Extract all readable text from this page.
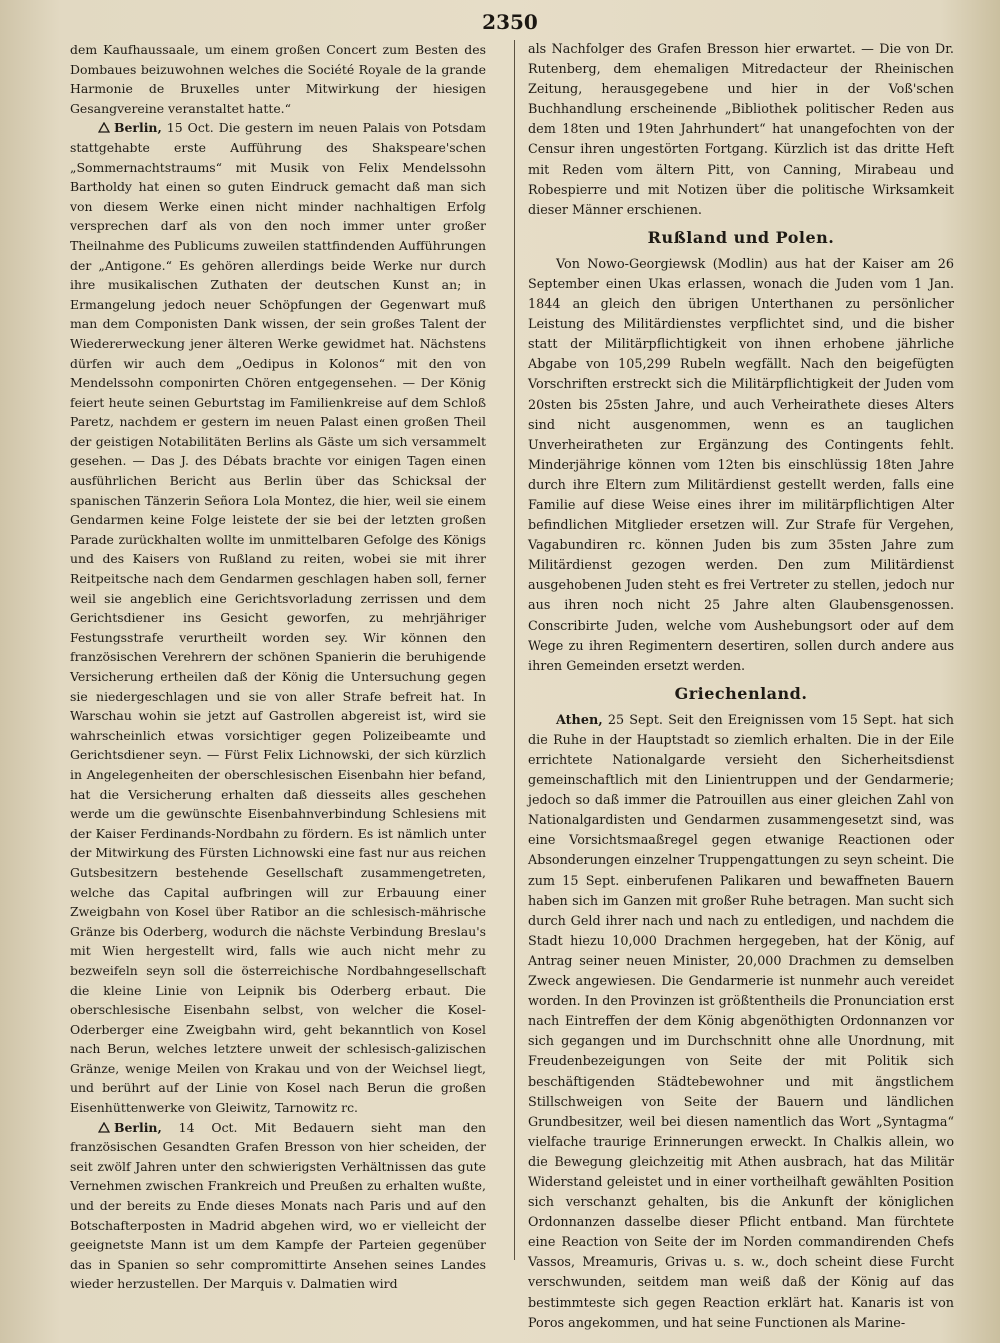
2350

dem Kaufhaussaale, um einem großen Concert zum Besten des Dombaues beizuwohnen welches die Société Royale de la grande Harmonie de Bruxelles unter Mitwirkung der hiesigen Gesangvereine veranstaltet hatte.“

Berlin, 15 Oct. Die gestern im neuen Palais von Potsdam stattgehabte erste Aufführung des Shakspeare'schen „Sommernachtstraums“ mit Musik von Felix Mendelssohn Bartholdy hat einen so guten Eindruck gemacht daß man sich von diesem Werke einen nicht minder nachhaltigen Erfolg versprechen darf als von den noch immer unter großer Theilnahme des Publicums zuweilen stattfindenden Aufführungen der „Antigone.“ Es gehören allerdings beide Werke nur durch ihre musikalischen Zuthaten der deutschen Kunst an; in Ermangelung jedoch neuer Schöpfungen der Gegenwart muß man dem Componisten Dank wissen, der sein großes Talent der Wiedererweckung jener älteren Werke gewidmet hat. Nächstens dürfen wir auch dem „Oedipus in Kolonos“ mit den von Mendelssohn componirten Chören entgegensehen. — Der König feiert heute seinen Geburtstag im Familienkreise auf dem Schloß Paretz, nachdem er gestern im neuen Palast einen großen Theil der geistigen Notabilitäten Berlins als Gäste um sich versammelt gesehen. — Das J. des Débats brachte vor einigen Tagen einen ausführlichen Bericht aus Berlin über das Schicksal der spanischen Tänzerin Señora Lola Montez, die hier, weil sie einem Gendarmen keine Folge leistete der sie bei der letzten großen Parade zurückhalten wollte im unmittelbaren Gefolge des Königs und des Kaisers von Rußland zu reiten, wobei sie mit ihrer Reitpeitsche nach dem Gendarmen geschlagen haben soll, ferner weil sie angeblich eine Gerichtsvorladung zerrissen und dem Gerichtsdiener ins Gesicht geworfen, zu mehrjähriger Festungsstrafe verurtheilt worden sey. Wir können den französischen Verehrern der schönen Spanierin die beruhigende Versicherung ertheilen daß der König die Untersuchung gegen sie niedergeschlagen und sie von aller Strafe befreit hat. In Warschau wohin sie jetzt auf Gastrollen abgereist ist, wird sie wahrscheinlich etwas vorsichtiger gegen Polizeibeamte und Gerichtsdiener seyn. — Fürst Felix Lichnowski, der sich kürzlich in Angelegenheiten der oberschlesischen Eisenbahn hier befand, hat die Versicherung erhalten daß diesseits alles geschehen werde um die gewünschte Eisenbahnverbindung Schlesiens mit der Kaiser Ferdinands-Nordbahn zu fördern. Es ist nämlich unter der Mitwirkung des Fürsten Lichnowski eine fast nur aus reichen Gutsbesitzern bestehende Gesellschaft zusammengetreten, welche das Capital aufbringen will zur Erbauung einer Zweigbahn von Kosel über Ratibor an die schlesisch-mährische Gränze bis Oderberg, wodurch die nächste Verbindung Breslau's mit Wien hergestellt wird, falls wie auch nicht mehr zu bezweifeln seyn soll die österreichische Nordbahngesellschaft die kleine Linie von Leipnik bis Oderberg erbaut. Die oberschlesische Eisenbahn selbst, von welcher die Kosel-Oderberger eine Zweigbahn wird, geht bekanntlich von Kosel nach Berun, welches letztere unweit der schlesisch-galizischen Gränze, wenige Meilen von Krakau und von der Weichsel liegt, und berührt auf der Linie von Kosel nach Berun die großen Eisenhüttenwerke von Gleiwitz, Tarnowitz rc.

Berlin, 14 Oct. Mit Bedauern sieht man den französischen Gesandten Grafen Bresson von hier scheiden, der seit zwölf Jahren unter den schwierigsten Verhältnissen das gute Vernehmen zwischen Frankreich und Preußen zu erhalten wußte, und der bereits zu Ende dieses Monats nach Paris und auf den Botschafterposten in Madrid abgehen wird, wo er vielleicht der geeignetste Mann ist um dem Kampfe der Parteien gegenüber das in Spanien so sehr compromittirte Ansehen seines Landes wieder herzustellen. Der Marquis v. Dalmatien wird

als Nachfolger des Grafen Bresson hier erwartet. — Die von Dr. Rutenberg, dem ehemaligen Mitredacteur der Rheinischen Zeitung, herausgegebene und hier in der Voß'schen Buchhandlung erscheinende „Bibliothek politischer Reden aus dem 18ten und 19ten Jahrhundert“ hat unangefochten von der Censur ihren ungestörten Fortgang. Kürzlich ist das dritte Heft mit Reden vom ältern Pitt, von Canning, Mirabeau und Robespierre und mit Notizen über die politische Wirksamkeit dieser Männer erschienen.

Rußland und Polen.

Von Nowo-Georgiewsk (Modlin) aus hat der Kaiser am 26 September einen Ukas erlassen, wonach die Juden vom 1 Jan. 1844 an gleich den übrigen Unterthanen zu persönlicher Leistung des Militärdienstes verpflichtet sind, und die bisher statt der Militärpflichtigkeit von ihnen erhobene jährliche Abgabe von 105,299 Rubeln wegfällt. Nach den beigefügten Vorschriften erstreckt sich die Militärpflichtigkeit der Juden vom 20sten bis 25sten Jahre, und auch Verheirathete dieses Alters sind nicht ausgenommen, wenn es an tauglichen Unverheiratheten zur Ergänzung des Contingents fehlt. Minderjährige können vom 12ten bis einschlüssig 18ten Jahre durch ihre Eltern zum Militärdienst gestellt werden, falls eine Familie auf diese Weise eines ihrer im militärpflichtigen Alter befindlichen Mitglieder ersetzen will. Zur Strafe für Vergehen, Vagabundiren rc. können Juden bis zum 35sten Jahre zum Militärdienst gezogen werden. Den zum Militärdienst ausgehobenen Juden steht es frei Vertreter zu stellen, jedoch nur aus ihren noch nicht 25 Jahre alten Glaubensgenossen. Conscribirte Juden, welche vom Aushebungsort oder auf dem Wege zu ihren Regimentern desertiren, sollen durch andere aus ihren Gemeinden ersetzt werden.

Griechenland.

Athen, 25 Sept. Seit den Ereignissen vom 15 Sept. hat sich die Ruhe in der Hauptstadt so ziemlich erhalten. Die in der Eile errichtete Nationalgarde versieht den Sicherheitsdienst gemeinschaftlich mit den Linientruppen und der Gendarmerie; jedoch so daß immer die Patrouillen aus einer gleichen Zahl von Nationalgardisten und Gendarmen zusammengesetzt sind, was eine Vorsichtsmaaßregel gegen etwanige Reactionen oder Absonderungen einzelner Truppengattungen zu seyn scheint. Die zum 15 Sept. einberufenen Palikaren und bewaffneten Bauern haben sich im Ganzen mit großer Ruhe betragen. Man sucht sich durch Geld ihrer nach und nach zu entledigen, und nachdem die Stadt hiezu 10,000 Drachmen hergegeben, hat der König, auf Antrag seiner neuen Minister, 20,000 Drachmen zu demselben Zweck angewiesen. Die Gendarmerie ist nunmehr auch vereidet worden. In den Provinzen ist größtentheils die Pronunciation erst nach Eintreffen der dem König abgenöthigten Ordonnanzen vor sich gegangen und im Durchschnitt ohne alle Unordnung, mit Freudenbezeigungen von Seite der mit Politik sich beschäftigenden Städtebewohner und mit ängstlichem Stillschweigen von Seite der Bauern und ländlichen Grundbesitzer, weil bei diesen namentlich das Wort „Syntagma“ vielfache traurige Erinnerungen erweckt. In Chalkis allein, wo die Bewegung gleichzeitig mit Athen ausbrach, hat das Militär Widerstand geleistet und in einer vortheilhaft gewählten Position sich verschanzt gehalten, bis die Ankunft der königlichen Ordonnanzen dasselbe dieser Pflicht entband. Man fürchtete eine Reaction von Seite der im Norden commandirenden Chefs Vassos, Mreamuris, Grivas u. s. w., doch scheint diese Furcht verschwunden, seitdem man weiß daß der König auf das bestimmteste sich gegen Reaction erklärt hat. Kanaris ist von Poros angekommen, und hat seine Functionen als Marine-
